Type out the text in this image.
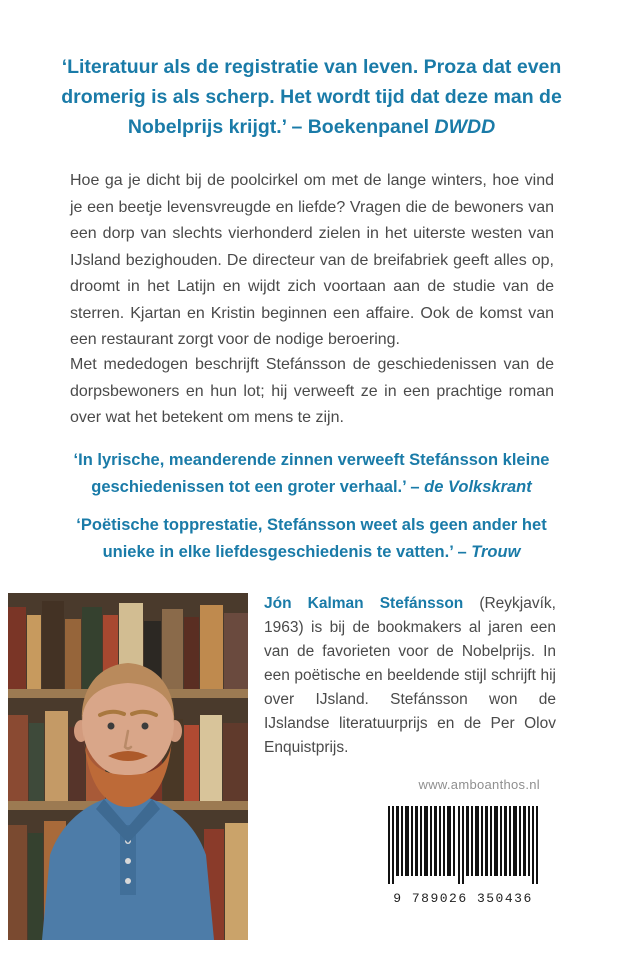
‘Literatuur als de registratie van leven. Proza dat even dromerig is als scherp. Het wordt tijd dat deze man de Nobelprijs krijgt.’ – Boekenpanel DWDD

Hoe ga je dicht bij de poolcirkel om met de lange winters, hoe vind je een beetje levensvreugde en liefde? Vragen die de bewoners van een dorp van slechts vierhonderd zielen in het uiterste westen van IJsland bezighouden. De directeur van de breifabriek geeft alles op, droomt in het Latijn en wijdt zich voortaan aan de studie van de sterren. Kjartan en Kristin beginnen een affaire. Ook de komst van een restaurant zorgt voor de nodige beroering.

Met mededogen beschrijft Stefánsson de geschiedenissen van de dorpsbewoners en hun lot; hij verweeft ze in een prachtige roman over wat het betekent om mens te zijn.

‘In lyrische, meanderende zinnen verweeft Stefánsson kleine geschiedenissen tot een groter verhaal.’ – de Volkskrant
‘Poëtische topprestatie, Stefánsson weet als geen ander het unieke in elke liefdesgeschiedenis te vatten.’ – Trouw

Jón Kalman Stefánsson (Reykjavík, 1963) is bij de bookmakers al jaren een van de favorieten voor de Nobelprijs. In een poëtische en beeldende stijl schrijft hij over IJsland. Stefánsson won de IJslandse literatuurprijs en de Per Olov Enquistprijs.

www.amboanthos.nl
9 789026 350436
